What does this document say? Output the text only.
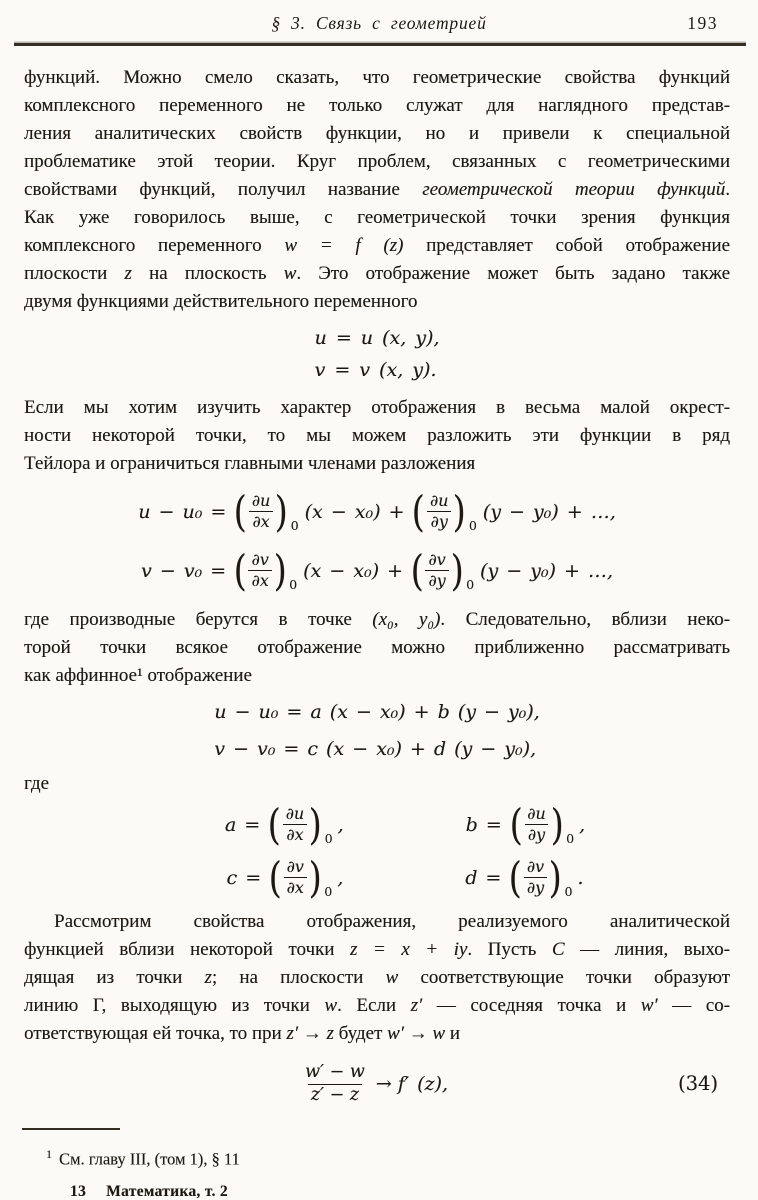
§ 3. Связь с геометрией	193
функций. Можно смело сказать, что геометрические свойства функций
комплексного переменного не только служат для наглядного представ-
ления аналитических свойств функции, но и привели к специальной
проблематике этой теории. Круг проблем, связанных с геометрическими
свойствами функций, получил название геометрической теории функций.
Как уже говорилось выше, с геометрической точки зрения функция
комплексного переменного w = f (z) представляет собой отображение
плоскости z на плоскость w. Это отображение может быть задано также
двумя функциями действительного переменного
u = u (x, y),
v = v (x, y).
Если мы хотим изучить характер отображения в весьма малой окрест-
ности некоторой точки, то мы можем разложить эти функции в ряд
Тейлора и ограничиться главными членами разложения
u − u₀ = ( $\frac{\partial u}{\partial x}$ ) 0
(x − x₀) + ( $\frac{\partial u}{\partial y}$ ) 0
(y − y₀) + …,
v − v₀ = ( $\frac{\partial v}{\partial x}$ ) 0
(x − x₀) + ( $\frac{\partial v}{\partial y}$ ) 0
(y − y₀) + …,
где производные берутся в точке (x₀, y₀). Следовательно, вблизи неко-
торой точки всякое отображение можно приближенно рассматривать
как аффинное¹ отображение
u − u₀ = a (x − x₀) + b (y − y₀),
v − v₀ = c (x − x₀) + d (y − y₀),
где
a = ( $\frac{\partial u}{\partial x}$ ) 0
,	b = ( $\frac{\partial u}{\partial y}$ ) 0
,
c = ( $\frac{\partial v}{\partial x}$ ) 0
,	d = ( $\frac{\partial v}{\partial y}$ ) 0
.
Рассмотрим свойства отображения, реализуемого аналитической
функцией вблизи некоторой точки z = x + iy. Пусть C — линия, выхо-
дящая из точки z; на плоскости w соответствующие точки образуют
линию Γ, выходящую из точки w. Если z′ — соседняя точка и w′ — со-
ответствующая ей точка, то при z′ → z будет w′ → w и
$\frac{w' - w}{z' - z} \to f'$ (z),	(34)
$^1$ См. главу III, (том 1), § 11
13 Математика, т. 2
